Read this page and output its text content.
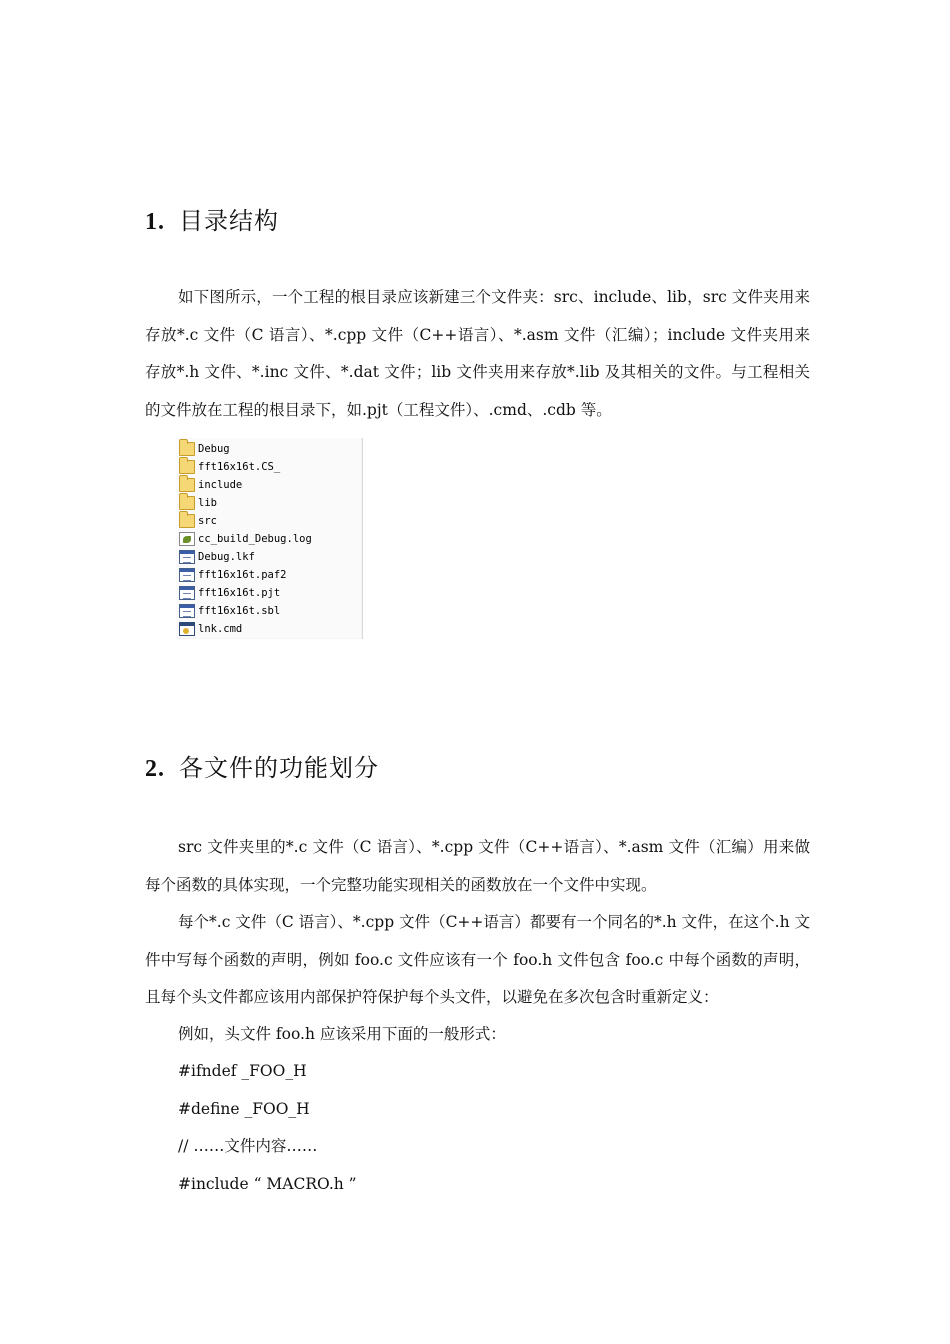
1. 目录结构

如下图所示，一个工程的根目录应该新建三个文件夹：src、include、lib，src 文件夹用来存放*.c 文件（C 语言）、*.cpp 文件（C++语言）、*.asm 文件（汇编）；include 文件夹用来存放*.h 文件、*.inc 文件、*.dat 文件；lib 文件夹用来存放*.lib 及其相关的文件。与工程相关的文件放在工程的根目录下，如.pjt（工程文件）、.cmd、.cdb 等。

Debug
fft16x16t.CS_
include
lib
src
cc_build_Debug.log
Debug.lkf
fft16x16t.paf2
fft16x16t.pjt
fft16x16t.sbl
lnk.cmd
2. 各文件的功能划分

src 文件夹里的*.c 文件（C 语言）、*.cpp 文件（C++语言）、*.asm 文件（汇编）用来做每个函数的具体实现，一个完整功能实现相关的函数放在一个文件中实现。

每个*.c 文件（C 语言）、*.cpp 文件（C++语言）都要有一个同名的*.h 文件，在这个.h 文件中写每个函数的声明，例如 foo.c 文件应该有一个 foo.h 文件包含 foo.c 中每个函数的声明，且每个头文件都应该用内部保护符保护每个头文件，以避免在多次包含时重新定义：

例如，头文件 foo.h 应该采用下面的一般形式：

#ifndef _FOO_H

#define _FOO_H

// ……文件内容……

#include “ MACRO.h ”
